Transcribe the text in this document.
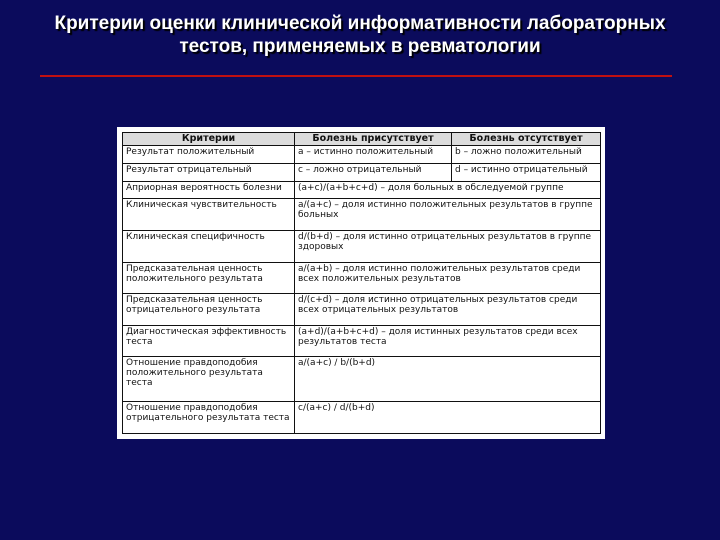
Критерии оценки клинической информативности лабораторных
тестов, применяемых в ревматологии
Критерии	Болезнь присутствует	Болезнь отсутствует
Результат положительный	a – истинно положительный	b – ложно положительный
Результат отрицательный	c – ложно отрицательный	d – истинно отрицательный
Априорная вероятность болезни	(a+c)/(a+b+c+d) – доля больных в обследуемой группе	
Клиническая чувствительность	a/(a+c) – доля истинно положительных результатов в группе больных	
Клиническая специфичность	d/(b+d) – доля истинно отрицательных результатов в группе здоровых	
Предсказательная ценность положительного результата	a/(a+b) – доля истинно положительных результатов среди всех положительных результатов	
Предсказательная ценность отрицательного результата	d/(c+d) – доля истинно отрицательных результатов среди всех отрицательных результатов	
Диагностическая эффективность теста	(a+d)/(a+b+c+d) – доля истинных результатов среди всех результатов теста	
Отношение правдоподобия положительного результата теста	a/(a+c) / b/(b+d)	
Отношение правдоподобия отрицательного результата теста	c/(a+c) / d/(b+d)	
